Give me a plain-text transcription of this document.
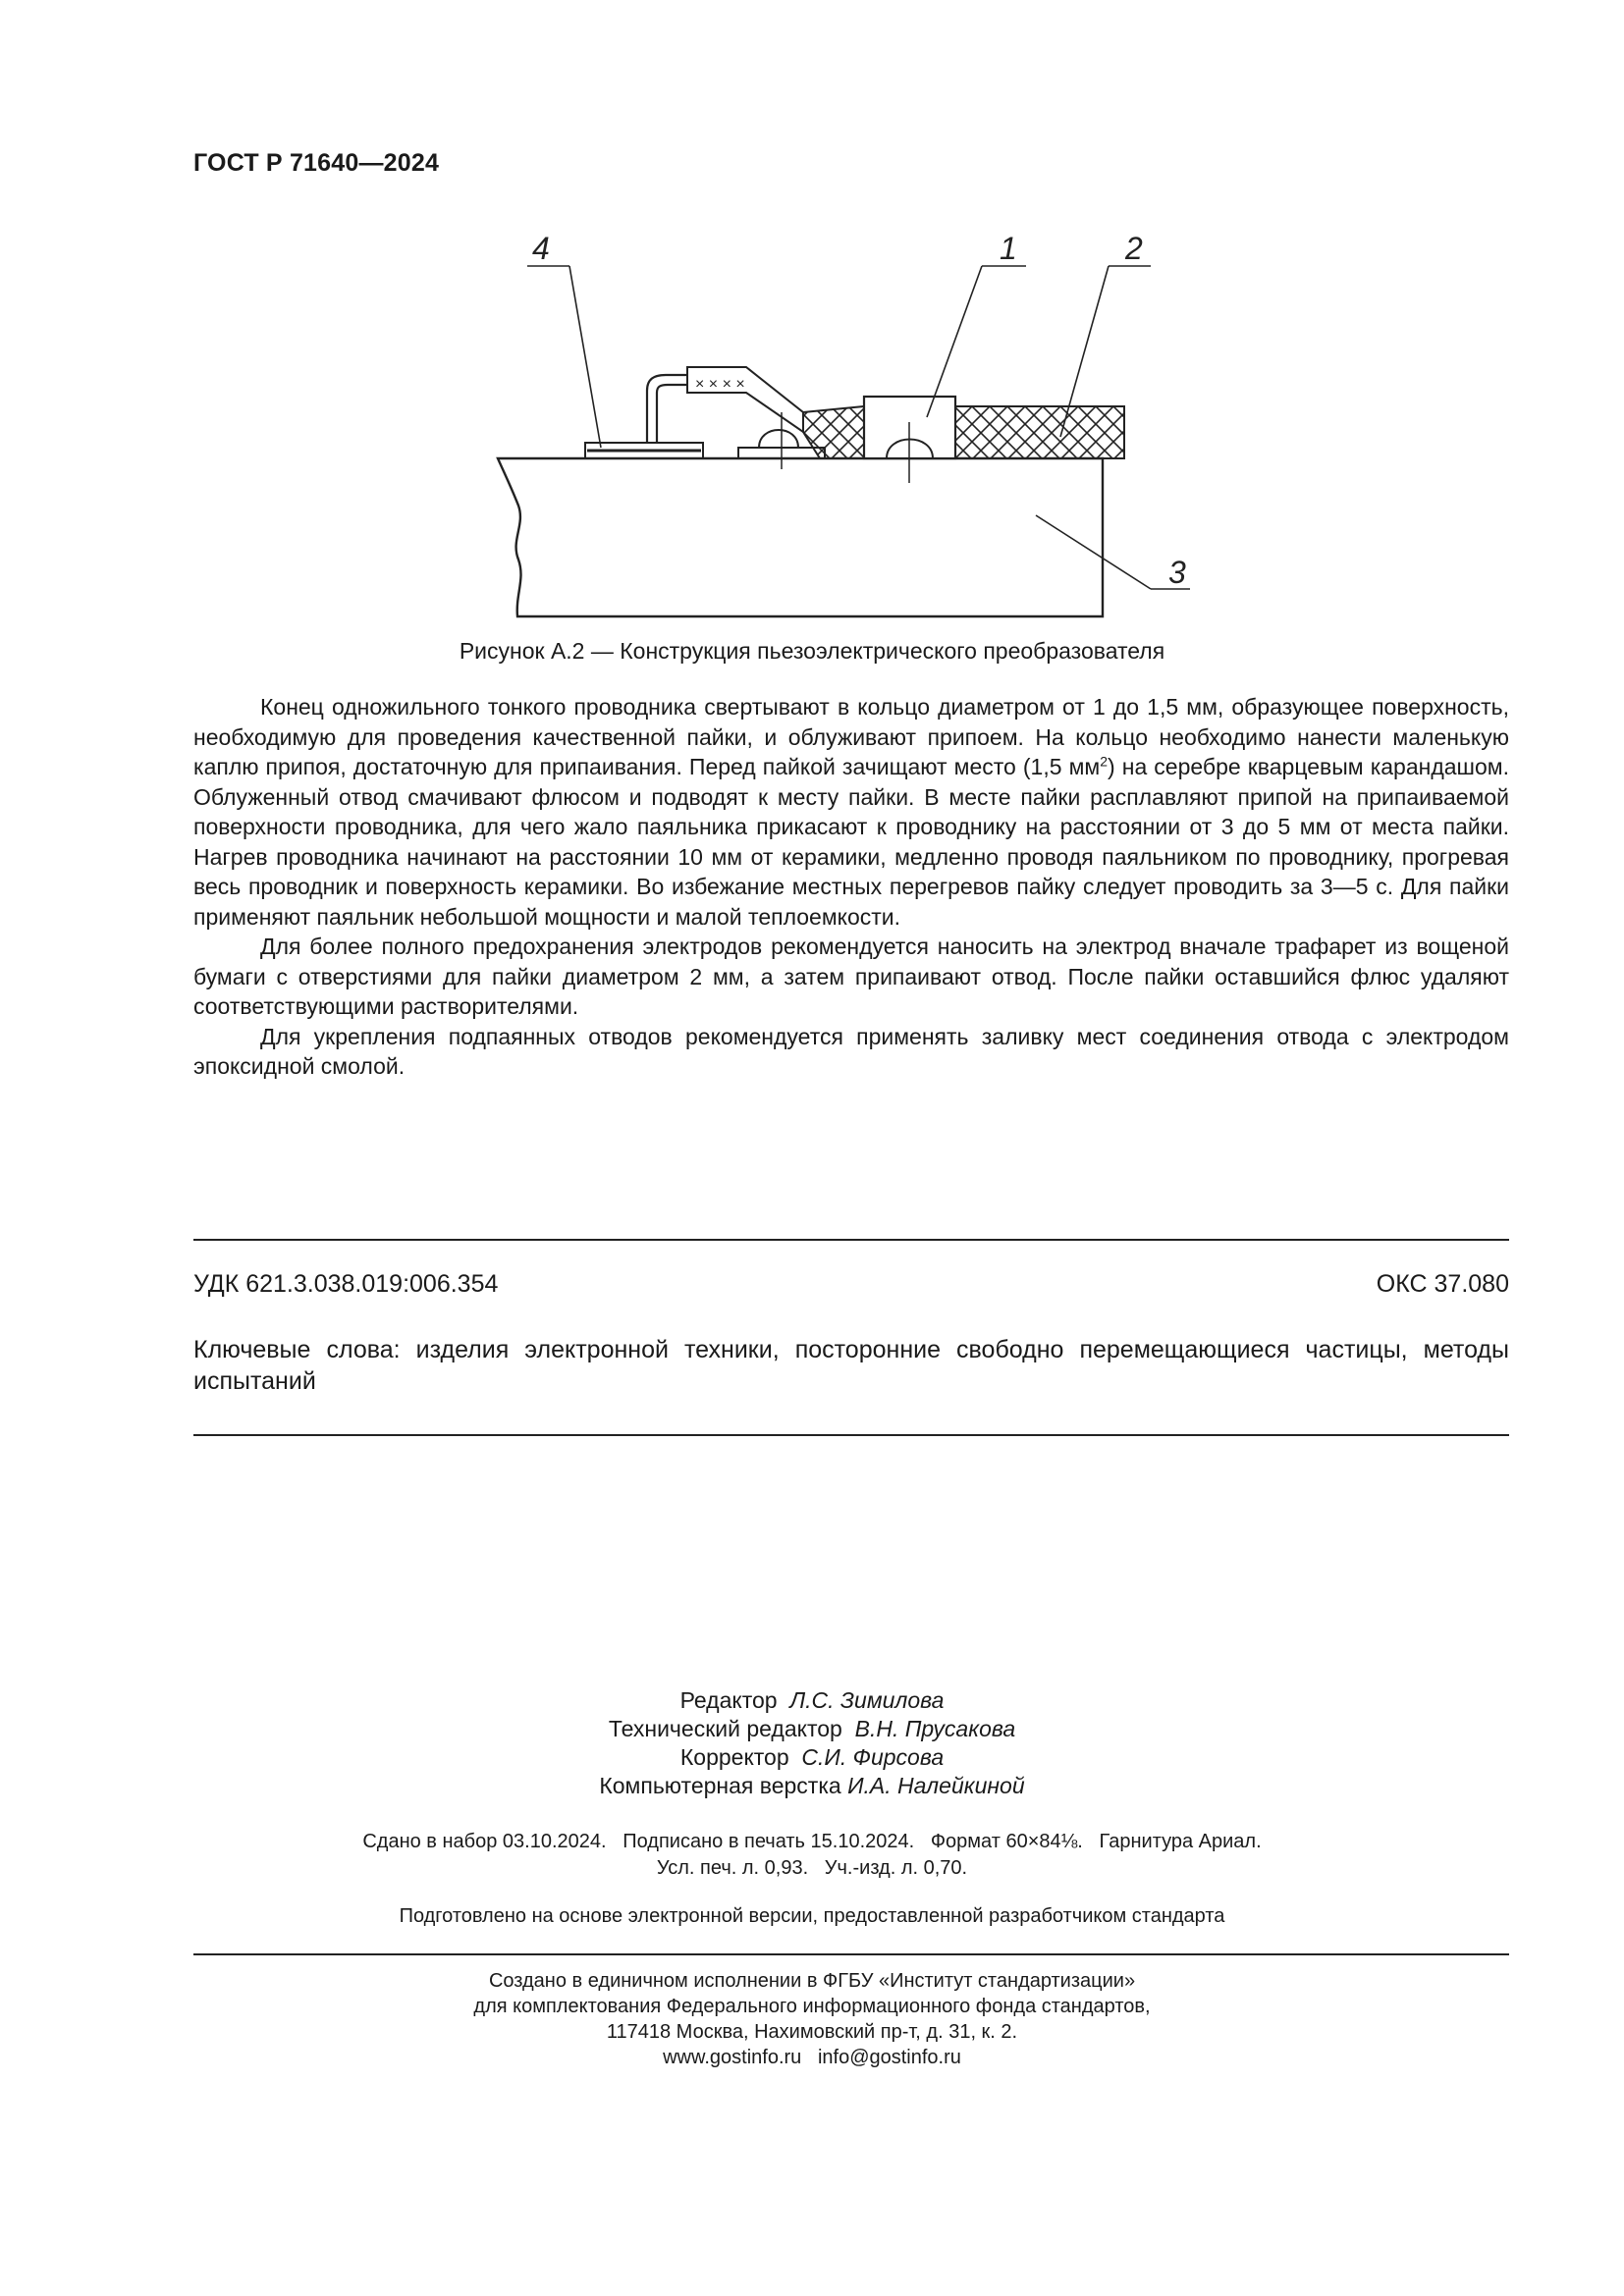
ГОСТ Р 71640—2024
× × × ×
4	1	2
3
Рисунок А.2 — Конструкция пьезоэлектрического преобразователя

Конец одножильного тонкого проводника свертывают в кольцо диаметром от 1 до 1,5 мм, образующее поверхность, необходимую для проведения качественной пайки, и облуживают припоем. На кольцо необходимо нанести маленькую каплю припоя, достаточную для припаивания. Перед пайкой зачищают место (1,5 $мм^2$) на серебре кварцевым карандашом. Облуженный отвод смачивают флюсом и подводят к месту пайки. В месте пайки расплавляют припой на припаиваемой поверхности проводника, для чего жало паяльника прикасают к проводнику на расстоянии от 3 до 5 мм от места пайки. Нагрев проводника начинают на расстоянии 10 мм от керамики, медленно проводя паяльником по проводнику, прогревая весь проводник и поверхность керамики. Во избежание местных перегревов пайку следует проводить за 3—5 с. Для пайки применяют паяльник небольшой мощности и малой теплоемкости.

Для более полного предохранения электродов рекомендуется наносить на электрод вначале трафарет из вощеной бумаги с отверстиями для пайки диаметром 2 мм, а затем припаивают отвод. После пайки оставшийся флюс удаляют соответствующими растворителями.

Для укрепления подпаянных отводов рекомендуется применять заливку мест соединения отвода с электродом эпоксидной смолой.

УДК 621.3.038.019:006.354	ОКС 37.080
Ключевые слова: изделия электронной техники, посторонние свободно перемещающиеся частицы, методы испытаний
Редактор Л.С. Зимилова
Технический редактор В.Н. Прусакова
Корректор С.И. Фирсова
Компьютерная верстка И.А. Налейкиной
Сдано в набор 03.10.2024.   Подписано в печать 15.10.2024.   Формат 60×84⅛.   Гарнитура Ариал.
Усл. печ. л. 0,93.   Уч.-изд. л. 0,70.
Подготовлено на основе электронной версии, предоставленной разработчиком стандарта
Создано в единичном исполнении в ФГБУ «Институт стандартизации»
для комплектования Федерального информационного фонда стандартов,
117418 Москва, Нахимовский пр-т, д. 31, к. 2.
www.gostinfo.ru   info@gostinfo.ru
